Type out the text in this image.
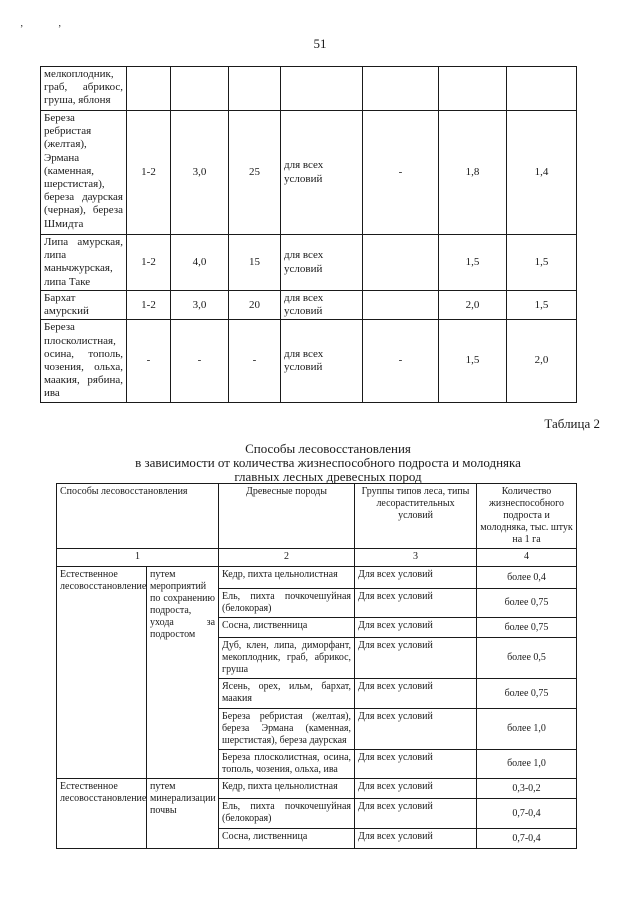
ʼ	ʼ
51
мелкоплодник, граб, абрикос, груша, яблоня							
Береза ребристая (желтая), Эрмана (каменная, шерстистая), береза даурская (черная), береза Шмидта	1-2	3,0	25	для всех условий	-	1,8	1,4
Липа амурская, липа маньчжурская, липа Таке	1-2	4,0	15	для всех условий		1,5	1,5
Бархат амурский	1-2	3,0	20	для всех условий		2,0	1,5
Береза плосколистная, осина, тополь, чозения, ольха, маакия, рябина, ива	-	-	-	для всех условий	-	1,5	2,0
Таблица 2
Способы лесовосстановления
в зависимости от количества жизнеспособного подроста и молодняка
главных лесных древесных пород
Способы лесовосстановления		Древесные породы	Группы типов леса, типы лесорастительных условий	Количество жизнеспособного подроста и молодняка, тыс. штук на 1 га
1		2	3	4
Естественное лесовосстановление	путем мероприятий по сохранению подроста, ухода за подростом	Кедр, пихта цельнолистная	Для всех условий	более 0,4
		Ель, пихта почкочешуйная (белокорая)	Для всех условий	более 0,75
		Сосна, лиственница	Для всех условий	более 0,75
		Дуб, клен, липа, диморфант, мекоплодник, граб, абрикос, груша	Для всех условий	более 0,5
		Ясень, орех, ильм, бархат, маакия	Для всех условий	более 0,75
		Береза ребристая (желтая), береза Эрмана (каменная, шерстистая), береза даурская	Для всех условий	более 1,0
		Береза плосколистная, осина, тополь, чозения, ольха, ива	Для всех условий	более 1,0
Естественное лесовосстановление	путем минерализации почвы	Кедр, пихта цельнолистная	Для всех условий	0,3-0,2
		Ель, пихта почкочешуйная (белокорая)	Для всех условий	0,7-0,4
		Сосна, лиственница	Для всех условий	0,7-0,4
